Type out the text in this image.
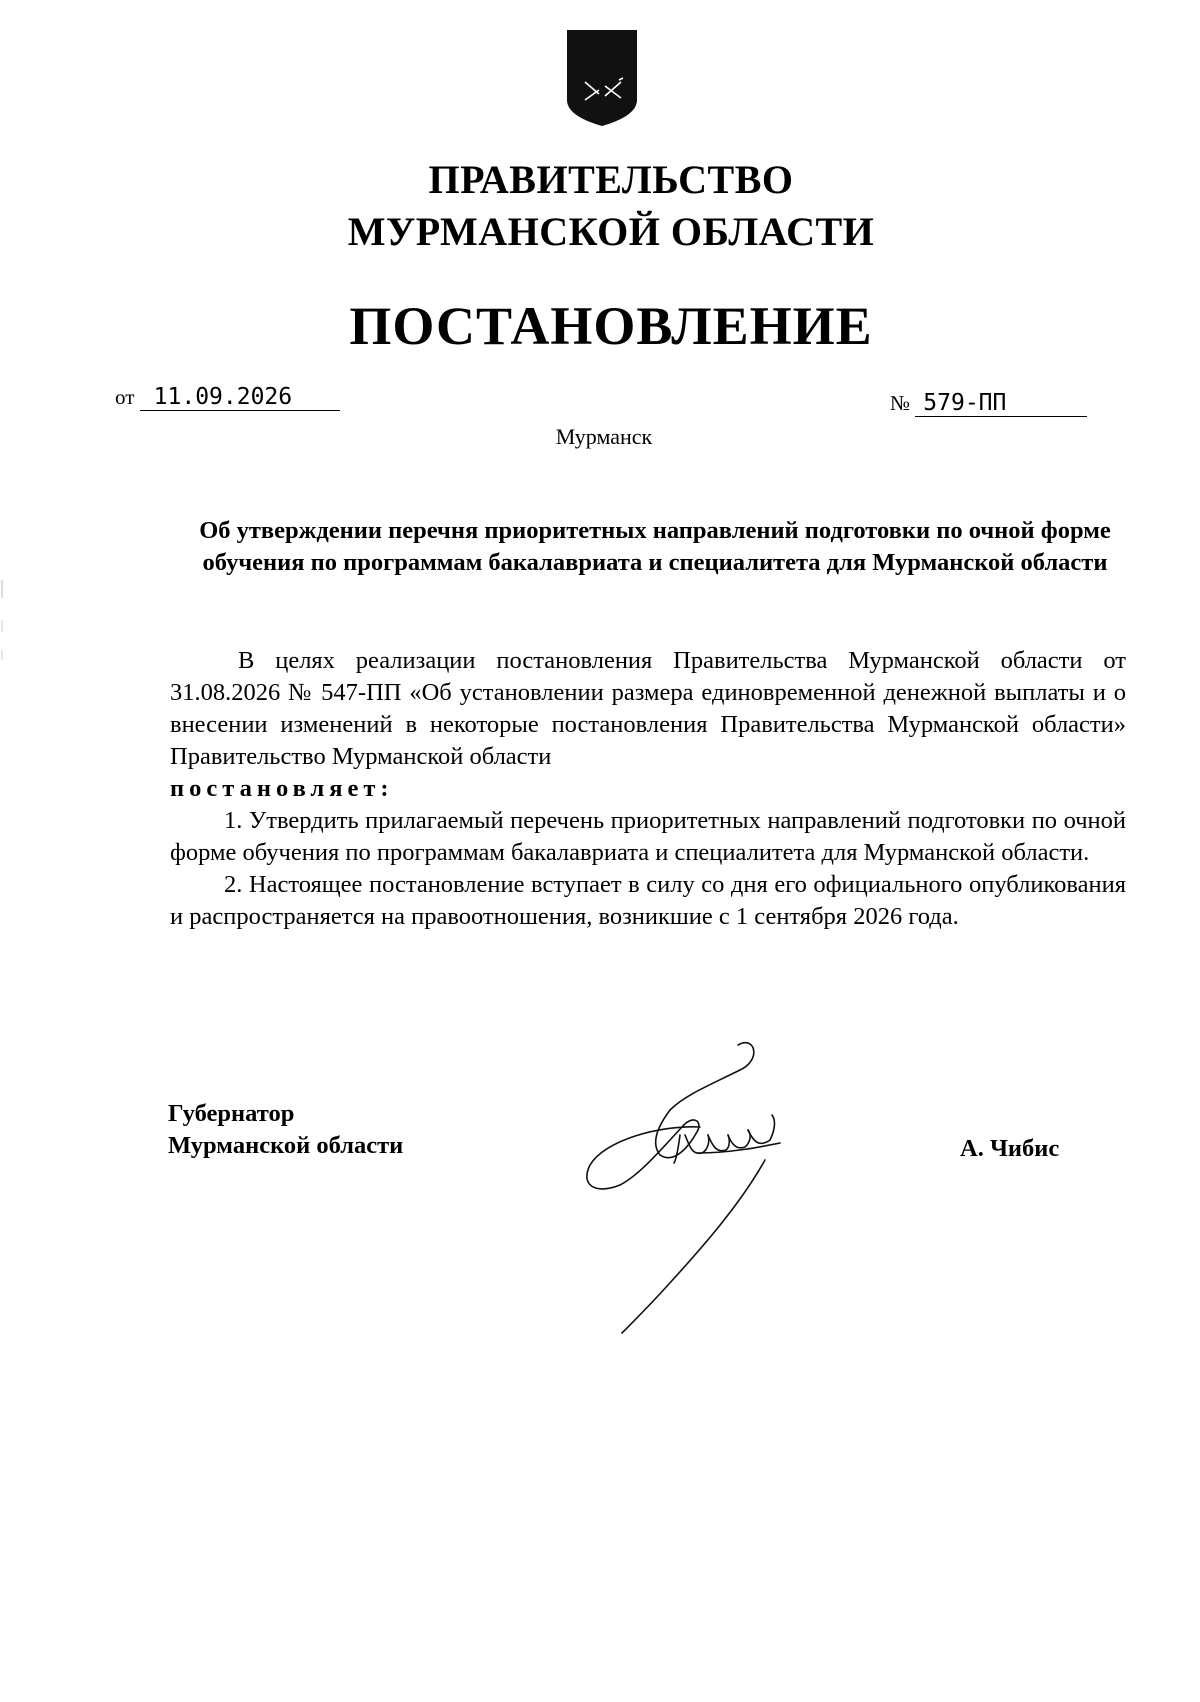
ПРАВИТЕЛЬСТВО
МУРМАНСКОЙ ОБЛАСТИ
ПОСТАНОВЛЕНИЕ
от 11.09.2026	№ 579-ПП
Мурманск
Об утверждении перечня приоритетных направлений подготовки по очной форме обучения по программам бакалавриата и специалитета для Мурманской области

В целях реализации постановления Правительства Мурманской области от 31.08.2026 № 547-ПП «Об установлении размера единовременной денежной выплаты и о внесении изменений в некоторые постановления Правительства Мурманской области» Правительство Мурманской области

постановляет:

1. Утвердить прилагаемый перечень приоритетных направлений подготовки по очной форме обучения по программам бакалавриата и специалитета для Мурманской области.

2. Настоящее постановление вступает в силу со дня его официального опубликования и распространяется на правоотношения, возникшие с 1 сентября 2026 года.

Губернатор
Мурманской области	А. Чибис
